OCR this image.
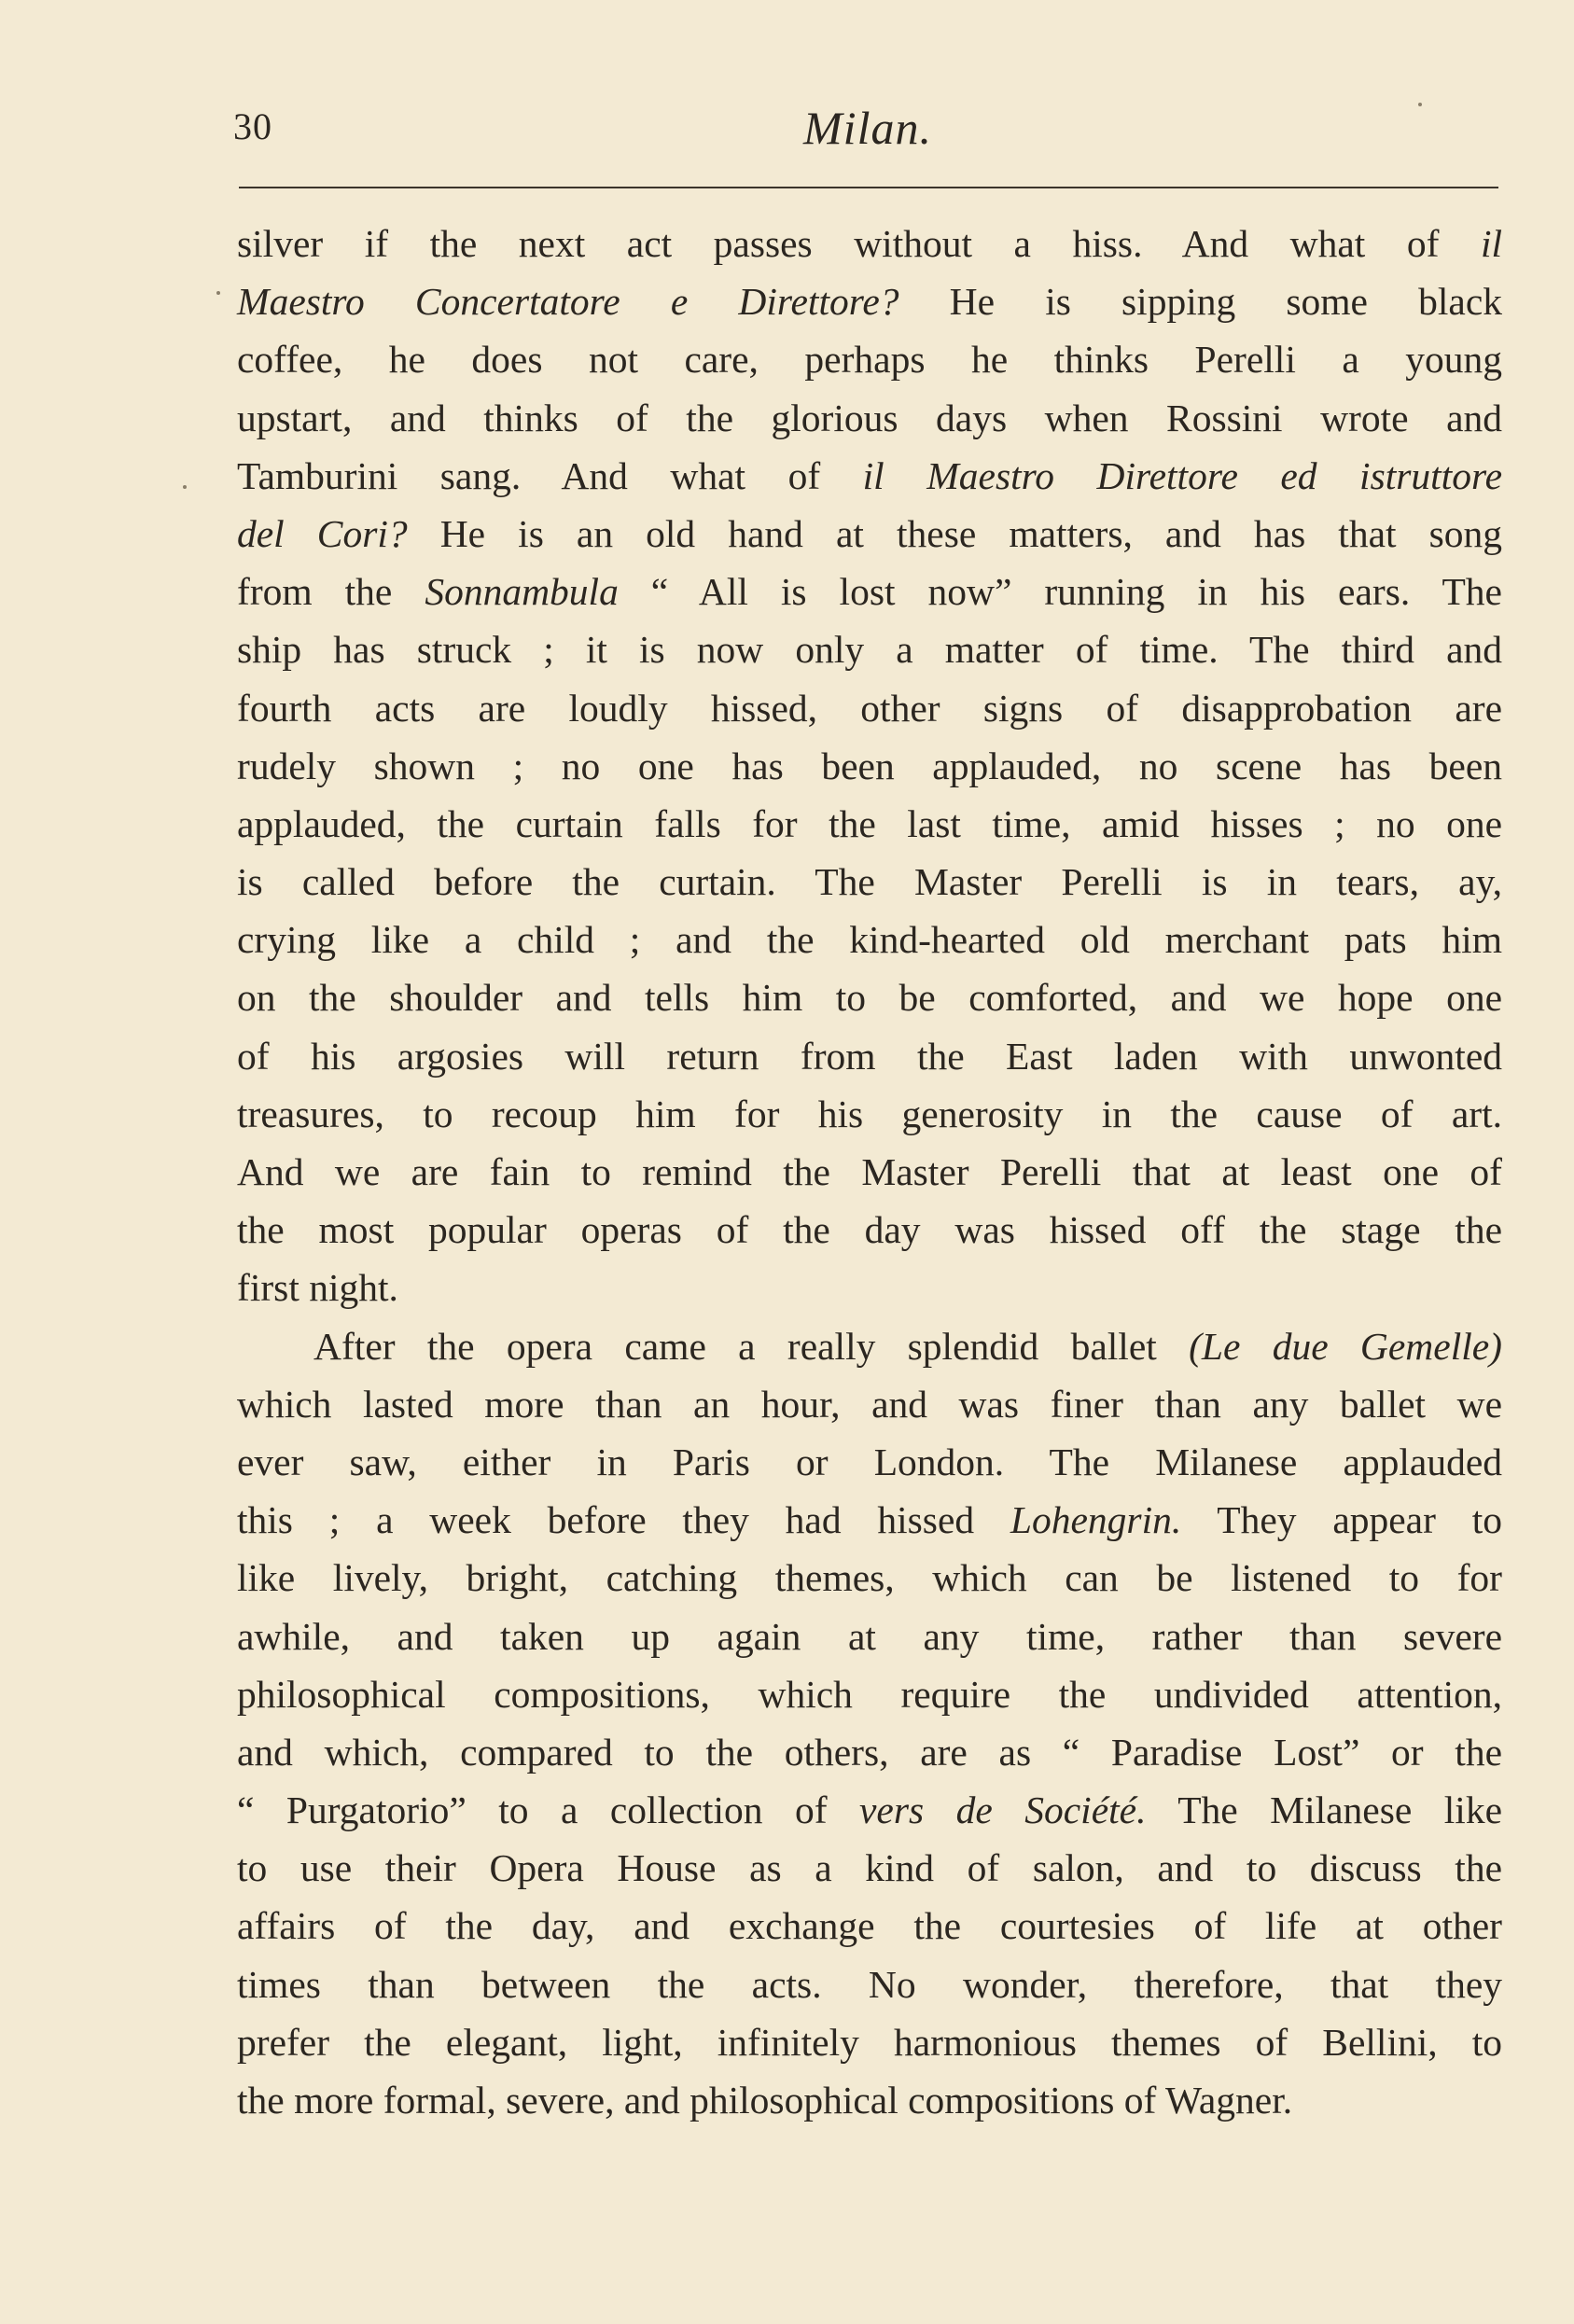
30	Milan.
silver if the next act passes without a hiss. And what of il
Maestro Concertatore e Direttore? He is sipping some black
coffee, he does not care, perhaps he thinks Perelli a young
upstart, and thinks of the glorious days when Rossini wrote and
Tamburini sang. And what of il Maestro Direttore ed istruttore
del Cori? He is an old hand at these matters, and has that song
from the Sonnambula “ All is lost now” running in his ears. The
ship has struck ; it is now only a matter of time. The third and
fourth acts are loudly hissed, other signs of disapprobation are
rudely shown ; no one has been applauded, no scene has been
applauded, the curtain falls for the last time, amid hisses ; no one
is called before the curtain. The Master Perelli is in tears, ay,
crying like a child ; and the kind-hearted old merchant pats him
on the shoulder and tells him to be comforted, and we hope one
of his argosies will return from the East laden with unwonted
treasures, to recoup him for his generosity in the cause of art.
And we are fain to remind the Master Perelli that at least one of
the most popular operas of the day was hissed off the stage the
first night.
After the opera came a really splendid ballet (Le due Gemelle)
which lasted more than an hour, and was finer than any ballet we
ever saw, either in Paris or London. The Milanese applauded
this ; a week before they had hissed Lohengrin. They appear to
like lively, bright, catching themes, which can be listened to for
awhile, and taken up again at any time, rather than severe
philosophical compositions, which require the undivided attention,
and which, compared to the others, are as “ Paradise Lost” or the
“ Purgatorio” to a collection of vers de Société. The Milanese like
to use their Opera House as a kind of salon, and to discuss the
affairs of the day, and exchange the courtesies of life at other
times than between the acts. No wonder, therefore, that they
prefer the elegant, light, infinitely harmonious themes of Bellini, to
the more formal, severe, and philosophical compositions of Wagner.
